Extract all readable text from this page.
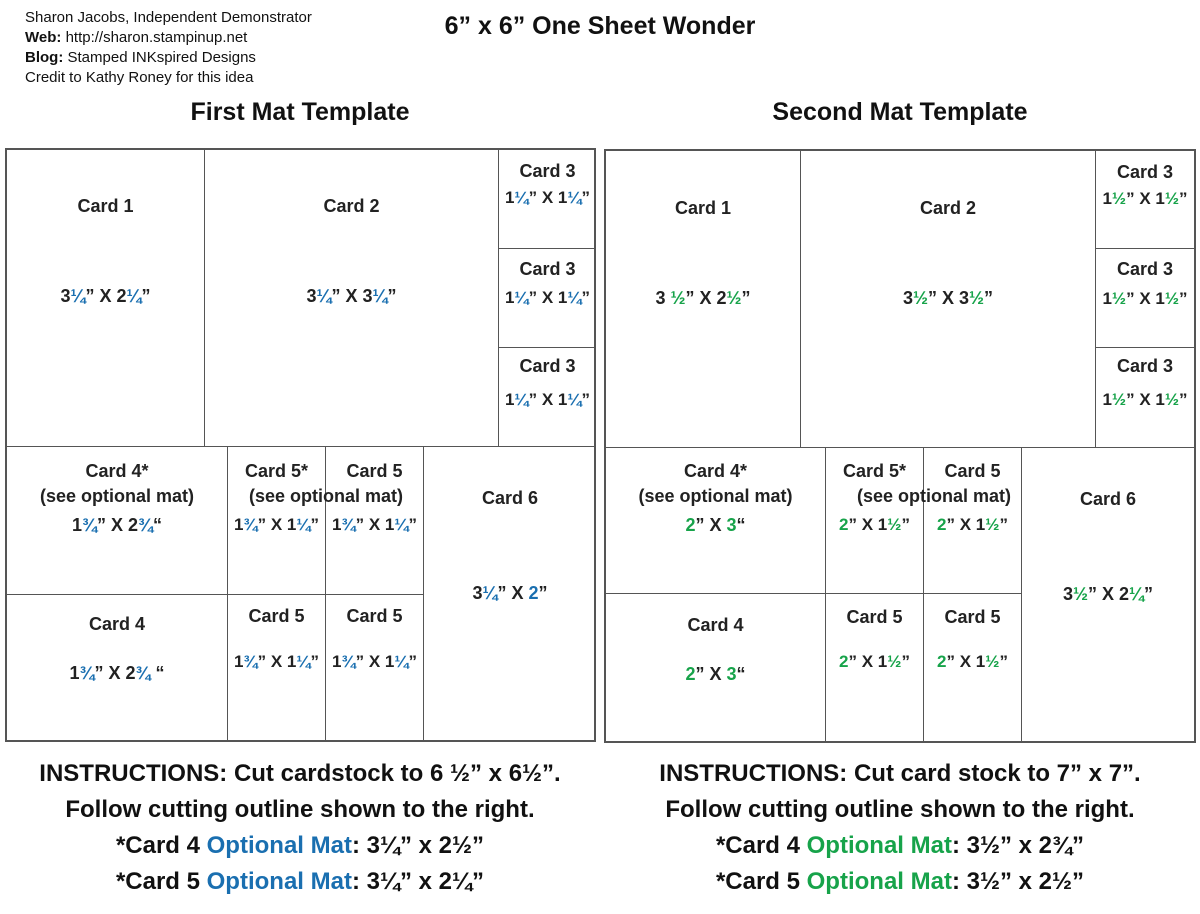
Sharon Jacobs, Independent Demonstrator
Web: http://sharon.stampinup.net
Blog: Stamped INKspired Designs
Credit to Kathy Roney for this idea
6” x 6” One Sheet Wonder
First Mat Template	Second Mat Template
Card 1
3¼” X 2¼”
Card 2
3¼” X 3¼”
Card 3
1¼” X 1¼”
Card 3
1¼” X 1¼”
Card 3
1¼” X 1¼”
Card 4*
(see optional mat)
1¾” X 2¾“
Card 5*
1¾” X 1¼”
Card 5
1¾” X 1¼”
(see optional mat)	Card 6
3¼” X 2”
Card 4
1¾” X 2¾ “
Card 5
1¾” X 1¼”
Card 5
1¾” X 1¼”
Card 1
3 ½” X 2½”
Card 2
3½” X 3½”
Card 3
1½” X 1½”
Card 3
1½” X 1½”
Card 3
1½” X 1½”
Card 4*
(see optional mat)
2” X 3“
Card 5*
2” X 1½”
Card 5
2” X 1½”
(see optional mat)	Card 6
3½” X 2¼”
Card 4
2” X 3“
Card 5
2” X 1½”
Card 5
2” X 1½”
INSTRUCTIONS: Cut cardstock to 6 ½” x 6½”.
Follow cutting outline shown to the right.
*Card 4 Optional Mat: 3¼” x 2½”
*Card 5 Optional Mat: 3¼” x 2¼”
INSTRUCTIONS: Cut card stock to 7” x 7”.
Follow cutting outline shown to the right.
*Card 4 Optional Mat: 3½” x 2¾”
*Card 5 Optional Mat: 3½” x 2½”
